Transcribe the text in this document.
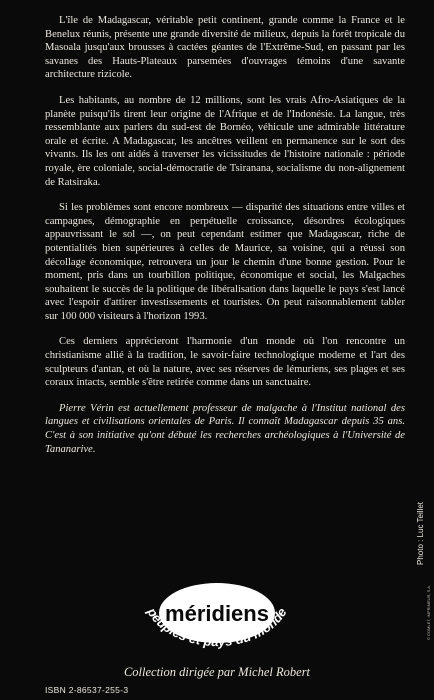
L'île de Madagascar, véritable petit continent, grande comme la France et le Benelux réunis, présente une grande diversité de milieux, depuis la forêt tropicale du Masoala jusqu'aux brousses à cactées géantes de l'Extrême-Sud, en passant par les savanes des Hauts-Plateaux parsemées d'ouvrages témoins d'une savante architecture rizicole.

Les habitants, au nombre de 12 millions, sont les vrais Afro-Asiatiques de la planète puisqu'ils tirent leur origine de l'Afrique et de l'Indonésie. La langue, très ressemblante aux parlers du sud-est de Bornéo, véhicule une admirable littérature orale et écrite. A Madagascar, les ancêtres veillent en permanence sur le sort des vivants. Ils les ont aidés à traverser les vicissitudes de l'histoire nationale : période royale, ère coloniale, social-démocratie de Tsiranana, socialisme du non-alignement de Ratsiraka.

Si les problèmes sont encore nombreux — disparité des situations entre villes et campagnes, démographie en perpétuelle croissance, désordres écologiques appauvrissant le sol —, on peut cependant estimer que Madagascar, riche de potentialités bien supérieures à celles de Maurice, sa voisine, qui a réussi son décollage économique, retrouvera un jour le chemin d'une bonne gestion. Pour le moment, pris dans un tourbillon politique, économique et social, les Malgaches souhaitent le succès de la politique de libéralisation dans laquelle le pays s'est lancé avec l'espoir d'attirer investissements et touristes. On peut raisonnablement tabler sur 100 000 visiteurs à l'horizon 1993.

Ces derniers apprécieront l'harmonie d'un monde où l'on rencontre un christianisme allié à la tradition, le savoir-faire technologique moderne et l'art des sculpteurs d'antan, et où la nature, avec ses réserves de lémuriens, ses plages et ses coraux intacts, semble s'être retirée comme dans un sanctuaire.

Pierre Vérin est actuellement professeur de malgache à l'Institut national des langues et civilisations orientales de Paris. Il connaît Madagascar depuis 35 ans. C'est à son initiative qu'ont débuté les recherches archéologiques à l'Université de Tananarive.

Photo : Luc Teillet
© COMLET, IMPRIMEUR, S.A.
méridiens
peuples et pays du monde
Collection dirigée par Michel Robert
ISBN 2-86537-255-3
